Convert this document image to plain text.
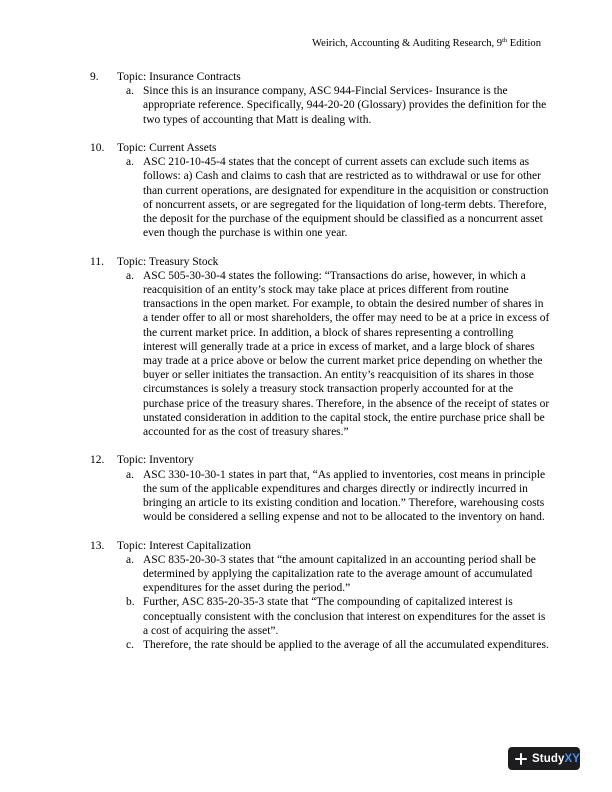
Weirich, Accounting & Auditing Research, 9th Edition
9.	Topic: Insurance Contracts
a. Since this is an insurance company, ASC 944-Fincial Services- Insurance is the appropriate reference. Specifically, 944-20-20 (Glossary) provides the definition for the two types of accounting that Matt is dealing with.
10.	Topic: Current Assets
a. ASC 210-10-45-4 states that the concept of current assets can exclude such items as follows: a) Cash and claims to cash that are restricted as to withdrawal or use for other than current operations, are designated for expenditure in the acquisition or construction of noncurrent assets, or are segregated for the liquidation of long-term debts. Therefore, the deposit for the purchase of the equipment should be classified as a noncurrent asset even though the purchase is within one year.
11.	Topic: Treasury Stock
a. ASC 505-30-30-4 states the following: “Transactions do arise, however, in which a reacquisition of an entity’s stock may take place at prices different from routine transactions in the open market. For example, to obtain the desired number of shares in a tender offer to all or most shareholders, the offer may need to be at a price in excess of the current market price. In addition, a block of shares representing a controlling interest will generally trade at a price in excess of market, and a large block of shares may trade at a price above or below the current market price depending on whether the buyer or seller initiates the transaction. An entity’s reacquisition of its shares in those circumstances is solely a treasury stock transaction properly accounted for at the purchase price of the treasury shares. Therefore, in the absence of the receipt of states or unstated consideration in addition to the capital stock, the entire purchase price shall be accounted for as the cost of treasury shares.”
12.	Topic: Inventory
a. ASC 330-10-30-1 states in part that, “As applied to inventories, cost means in principle the sum of the applicable expenditures and charges directly or indirectly incurred in bringing an article to its existing condition and location.” Therefore, warehousing costs would be considered a selling expense and not to be allocated to the inventory on hand.
13.	Topic: Interest Capitalization
a. ASC 835-20-30-3 states that “the amount capitalized in an accounting period shall be determined by applying the capitalization rate to the average amount of accumulated expenditures for the asset during the period.”
b. Further, ASC 835-20-35-3 state that “The compounding of capitalized interest is conceptually consistent with the conclusion that interest on expenditures for the asset is a cost of acquiring the asset”.
c. Therefore, the rate should be applied to the average of all the accumulated expenditures.
StudyXY
